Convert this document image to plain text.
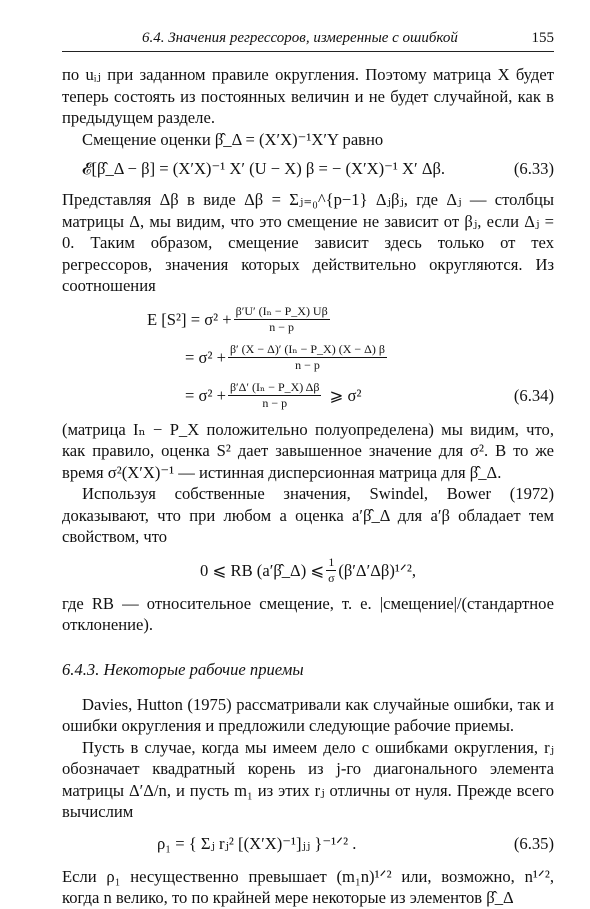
6.4. Значения регрессоров, измеренные с ошибкой	155

по uᵢⱼ при заданном правиле округления. Поэтому матрица X будет теперь состоять из постоянных величин и не будет случайной, как в предыдущем разделе.

Смещение оценки β̂_Δ = (X′X)⁻¹X′Y равно

𝓔[β̂_Δ − β] = (X′X)⁻¹ X′ (U − X) β = − (X′X)⁻¹ X′ Δβ.	(6.33)

Представляя Δβ в виде Δβ = Σⱼ₌₀^{p−1} Δⱼβⱼ, где Δⱼ — столбцы матрицы Δ, мы видим, что это смещение не зависит от βⱼ, если Δⱼ = 0. Таким образом, смещение зависит здесь только от тех регрессоров, значения которых действительно округляются. Из соотношения

E $[S^2] = \sigma^2 + \frac{\text{β′U′ (Iₙ − P\_X) Uβ}}{n - p}$
= $\sigma^2 + \frac{\text{β′ (X − Δ)′ (Iₙ − P\_X) (X − Δ) β}}{n - p}$
= $\sigma^2 + \frac{\text{β′Δ′ (Iₙ − P\_X) Δβ}}{n - p}$ ⩾ σ²	(6.34)

(матрица Iₙ − P_X положительно полуопределена) мы видим, что, как правило, оценка S² дает завышенное значение для σ². В то же время σ²(X′X)⁻¹ — истинная дисперсионная матрица для β̂_Δ.

Используя собственные значения, Swindel, Bower (1972) доказывают, что при любом a оценка a′β̂_Δ для a′β обладает тем свойством, что

0 ⩽ RB (a′β̂_Δ) ⩽ $\frac{1}{\sigma}$ (β′Δ′Δβ)¹ᐟ²,

где RB — относительное смещение, т. е. |смещение|/(стандартное отклонение).

6.4.3. Некоторые рабочие приемы

Davies, Hutton (1975) рассматривали как случайные ошибки, так и ошибки округления и предложили следующие рабочие приемы.

Пусть в случае, когда мы имеем дело с ошибками округления, rⱼ обозначает квадратный корень из j-го диагонального элемента матрицы Δ′Δ/n, и пусть m₁ из этих rⱼ отличны от нуля. Прежде всего вычислим

ρ₁ = { Σⱼ rⱼ² [(X′X)⁻¹]ⱼⱼ }⁻¹ᐟ² .	(6.35)

Если ρ₁ несущественно превышает (m₁n)¹ᐟ² или, возможно, n¹ᐟ², когда n велико, то по крайней мере некоторые из элементов β̂_Δ
